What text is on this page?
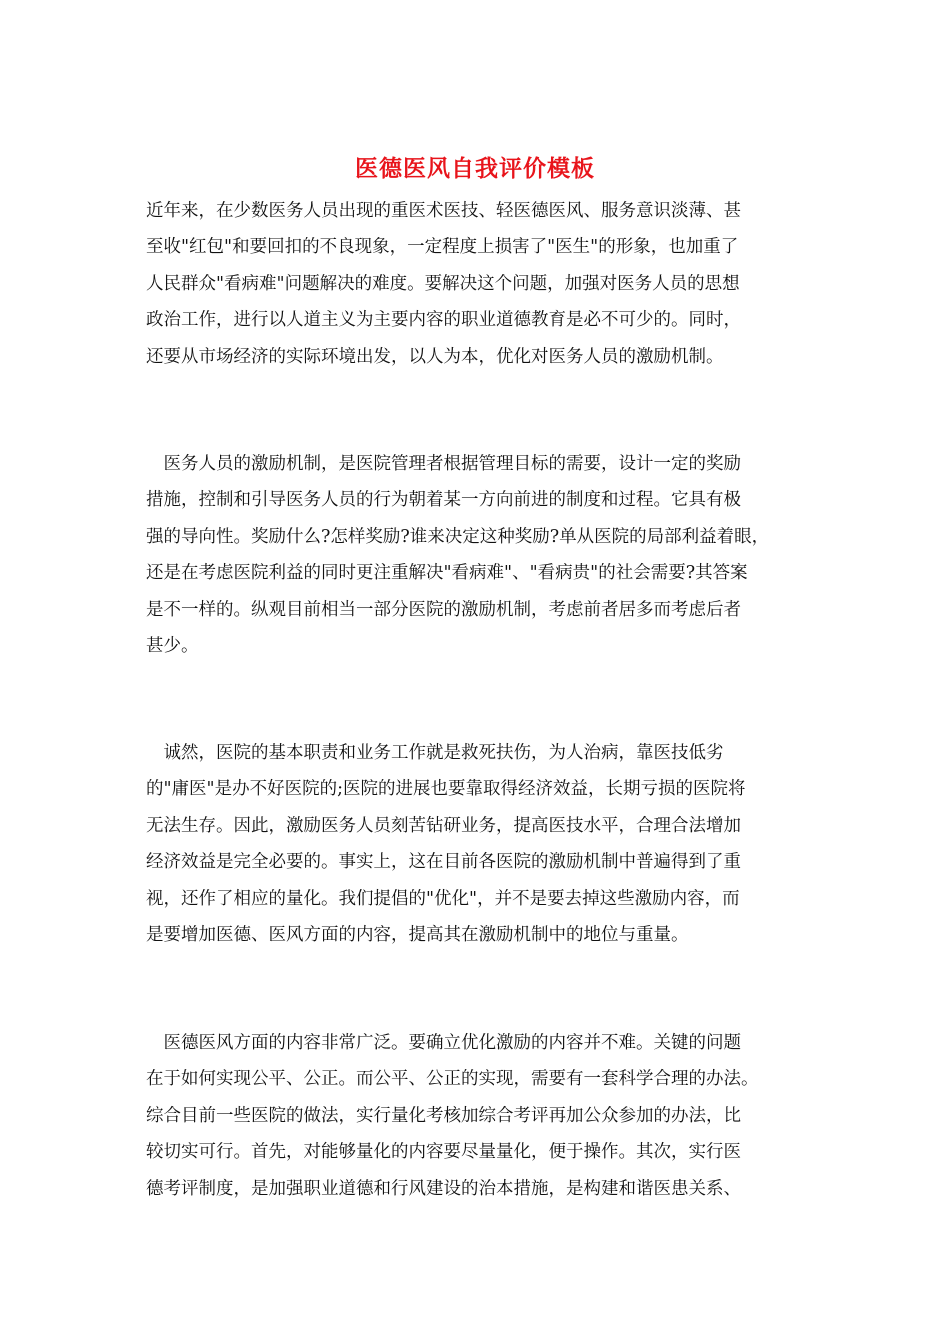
医德医风自我评价模板
近年来，在少数医务人员出现的重医术医技、轻医德医风、服务意识淡薄、甚
至收"红包"和要回扣的不良现象，一定程度上损害了"医生"的形象，也加重了
人民群众"看病难"问题解决的难度。要解决这个问题，加强对医务人员的思想
政治工作，进行以人道主义为主要内容的职业道德教育是必不可少的。同时，
还要从市场经济的实际环境出发，以人为本，优化对医务人员的激励机制。
　医务人员的激励机制，是医院管理者根据管理目标的需要，设计一定的奖励
措施，控制和引导医务人员的行为朝着某一方向前进的制度和过程。它具有极
强的导向性。奖励什么?怎样奖励?谁来决定这种奖励?单从医院的局部利益着眼，
还是在考虑医院利益的同时更注重解决"看病难"、"看病贵"的社会需要?其答案
是不一样的。纵观目前相当一部分医院的激励机制，考虑前者居多而考虑后者
甚少。
　诚然，医院的基本职责和业务工作就是救死扶伤，为人治病，靠医技低劣
的"庸医"是办不好医院的;医院的进展也要靠取得经济效益，长期亏损的医院将
无法生存。因此，激励医务人员刻苦钻研业务，提高医技水平，合理合法增加
经济效益是完全必要的。事实上，这在目前各医院的激励机制中普遍得到了重
视，还作了相应的量化。我们提倡的"优化"，并不是要去掉这些激励内容，而
是要增加医德、医风方面的内容，提高其在激励机制中的地位与重量。
　医德医风方面的内容非常广泛。要确立优化激励的内容并不难。关键的问题
在于如何实现公平、公正。而公平、公正的实现，需要有一套科学合理的办法。
综合目前一些医院的做法，实行量化考核加综合考评再加公众参加的办法，比
较切实可行。首先，对能够量化的内容要尽量量化，便于操作。其次，实行医
德考评制度，是加强职业道德和行风建设的治本措施，是构建和谐医患关系、
